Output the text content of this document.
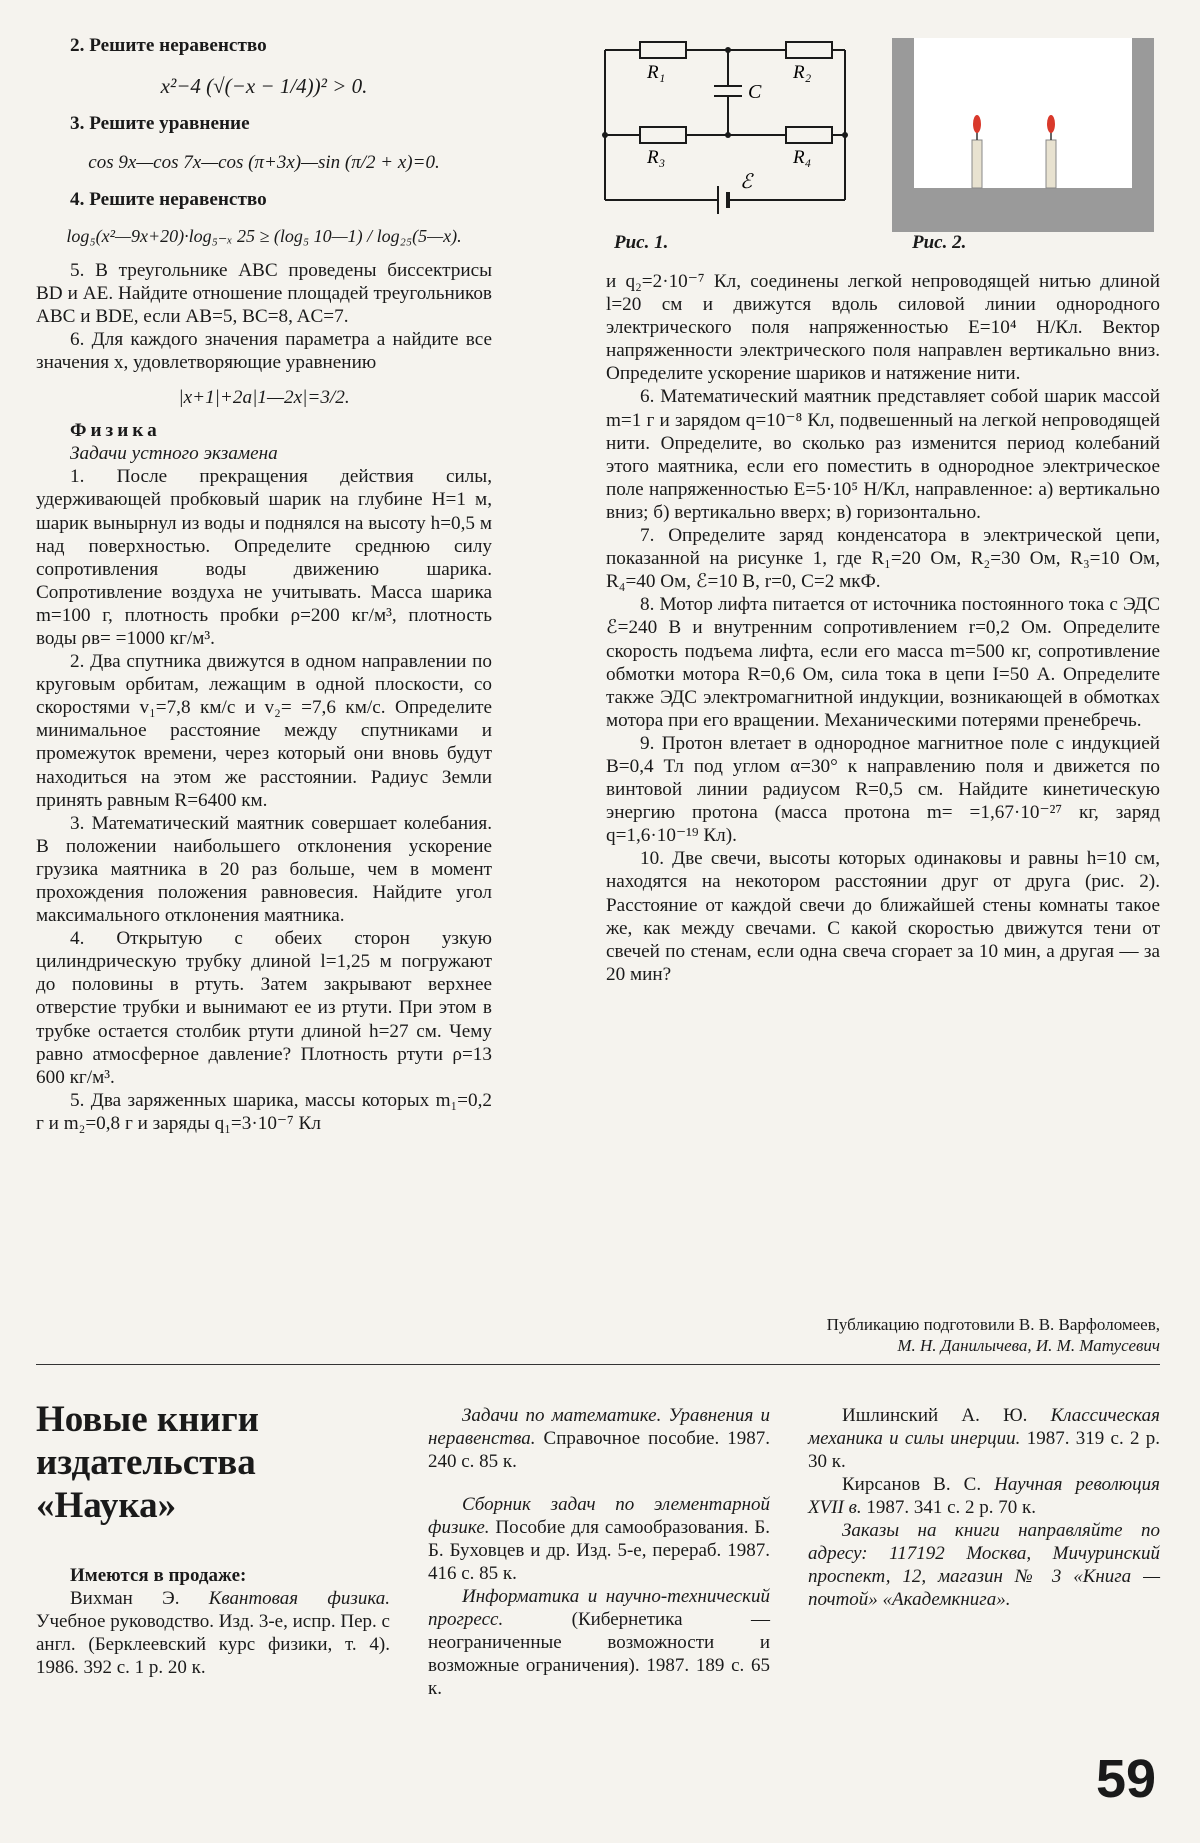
2. Решите неравенство

x²−4 (√(−x − 1/4))² > 0.

3. Решите уравнение

cos 9x—cos 7x—cos (π+3x)—sin (π/2 + x)=0.

4. Решите неравенство

log₅(x²—9x+20)·log₅₋ₓ 25 ≥ (log₅ 10—1) / log₂₅(5—x).

5. В треугольнике ABC проведены биссектрисы BD и AE. Найдите отношение площадей треугольников ABC и BDE, если AB=5, BC=8, AC=7.

6. Для каждого значения параметра a найдите все значения x, удовлетворяющие уравнению

|x+1|+2a|1—2x|=3/2.

Физика

Задачи устного экзамена

1. После прекращения действия силы, удерживающей пробковый шарик на глубине H=1 м, шарик вынырнул из воды и поднялся на высоту h=0,5 м над поверхностью. Определите среднюю силу сопротивления воды движению шарика. Сопротивление воздуха не учитывать. Масса шарика m=100 г, плотность пробки ρ=200 кг/м³, плотность воды ρв= =1000 кг/м³.

2. Два спутника движутся в одном направлении по круговым орбитам, лежащим в одной плоскости, со скоростями v₁=7,8 км/с и v₂= =7,6 км/с. Определите минимальное расстояние между спутниками и промежуток времени, через который они вновь будут находиться на этом же расстоянии. Радиус Земли принять равным R=6400 км.

3. Математический маятник совершает колебания. В положении наибольшего отклонения ускорение грузика маятника в 20 раз больше, чем в момент прохождения положения равновесия. Найдите угол максимального отклонения маятника.

4. Открытую с обеих сторон узкую цилиндрическую трубку длиной l=1,25 м погружают до половины в ртуть. Затем закрывают верхнее отверстие трубки и вынимают ее из ртути. При этом в трубке остается столбик ртути длиной h=27 см. Чему равно атмосферное давление? Плотность ртути ρ=13 600 кг/м³.

5. Два заряженных шарика, массы которых m₁=0,2 г и m₂=0,8 г и заряды q₁=3·10⁻⁷ Кл

R₁	R₂
R₃	R₄
C
ℰ
Рис. 1.	Рис. 2.

и q₂=2·10⁻⁷ Кл, соединены легкой непроводящей нитью длиной l=20 см и движутся вдоль силовой линии однородного электрического поля напряженностью E=10⁴ Н/Кл. Вектор напряженности электрического поля направлен вертикально вниз. Определите ускорение шариков и натяжение нити.

6. Математический маятник представляет собой шарик массой m=1 г и зарядом q=10⁻⁸ Кл, подвешенный на легкой непроводящей нити. Определите, во сколько раз изменится период колебаний этого маятника, если его поместить в однородное электрическое поле напряженностью E=5·10⁵ Н/Кл, направленное: а) вертикально вниз; б) вертикально вверх; в) горизонтально.

7. Определите заряд конденсатора в электрической цепи, показанной на рисунке 1, где R₁=20 Ом, R₂=30 Ом, R₃=10 Ом, R₄=40 Ом, ℰ=10 В, r=0, C=2 мкФ.

8. Мотор лифта питается от источника постоянного тока с ЭДС ℰ=240 В и внутренним сопротивлением r=0,2 Ом. Определите скорость подъема лифта, если его масса m=500 кг, сопротивление обмотки мотора R=0,6 Ом, сила тока в цепи I=50 А. Определите также ЭДС электромагнитной индукции, возникающей в обмотках мотора при его вращении. Механическими потерями пренебречь.

9. Протон влетает в однородное магнитное поле с индукцией B=0,4 Тл под углом α=30° к направлению поля и движется по винтовой линии радиусом R=0,5 см. Найдите кинетическую энергию протона (масса протона m= =1,67·10⁻²⁷ кг, заряд q=1,6·10⁻¹⁹ Кл).

10. Две свечи, высоты которых одинаковы и равны h=10 см, находятся на некотором расстоянии друг от друга (рис. 2). Расстояние от каждой свечи до ближайшей стены комнаты такое же, как между свечами. С какой скоростью движутся тени от свечей по стенам, если одна свеча сгорает за 10 мин, а другая — за 20 мин?

Публикацию подготовили В. В. Варфоломеев,
М. Н. Данилычева, И. М. Матусевич
Новые книги
издательства
«Наука»

Имеются в продаже:

Вихман Э. Квантовая физика. Учебное руководство. Изд. 3-е, испр. Пер. с англ. (Берклеевский курс физики, т. 4). 1986. 392 с. 1 р. 20 к.

Задачи по математике. Уравнения и неравенства. Справочное пособие. 1987. 240 с. 85 к.

Сборник задач по элементарной физике. Пособие для самообразования. Б. Б. Буховцев и др. Изд. 5-е, перераб. 1987. 416 с. 85 к.

Информатика и научно-технический прогресс.	(Кибернетика — неограниченные возможности и возможные ограничения). 1987. 189 с. 65 к.

Ишлинский А. Ю. Классическая механика и силы инерции. 1987. 319 с. 2 р. 30 к.

Кирсанов В. С. Научная революция XVII в. 1987. 341 с. 2 р. 70 к.

Заказы на книги направляйте по адресу: 117192 Москва, Мичуринский проспект, 12, магазин № 3 «Книга — почтой» «Академкнига».

59
